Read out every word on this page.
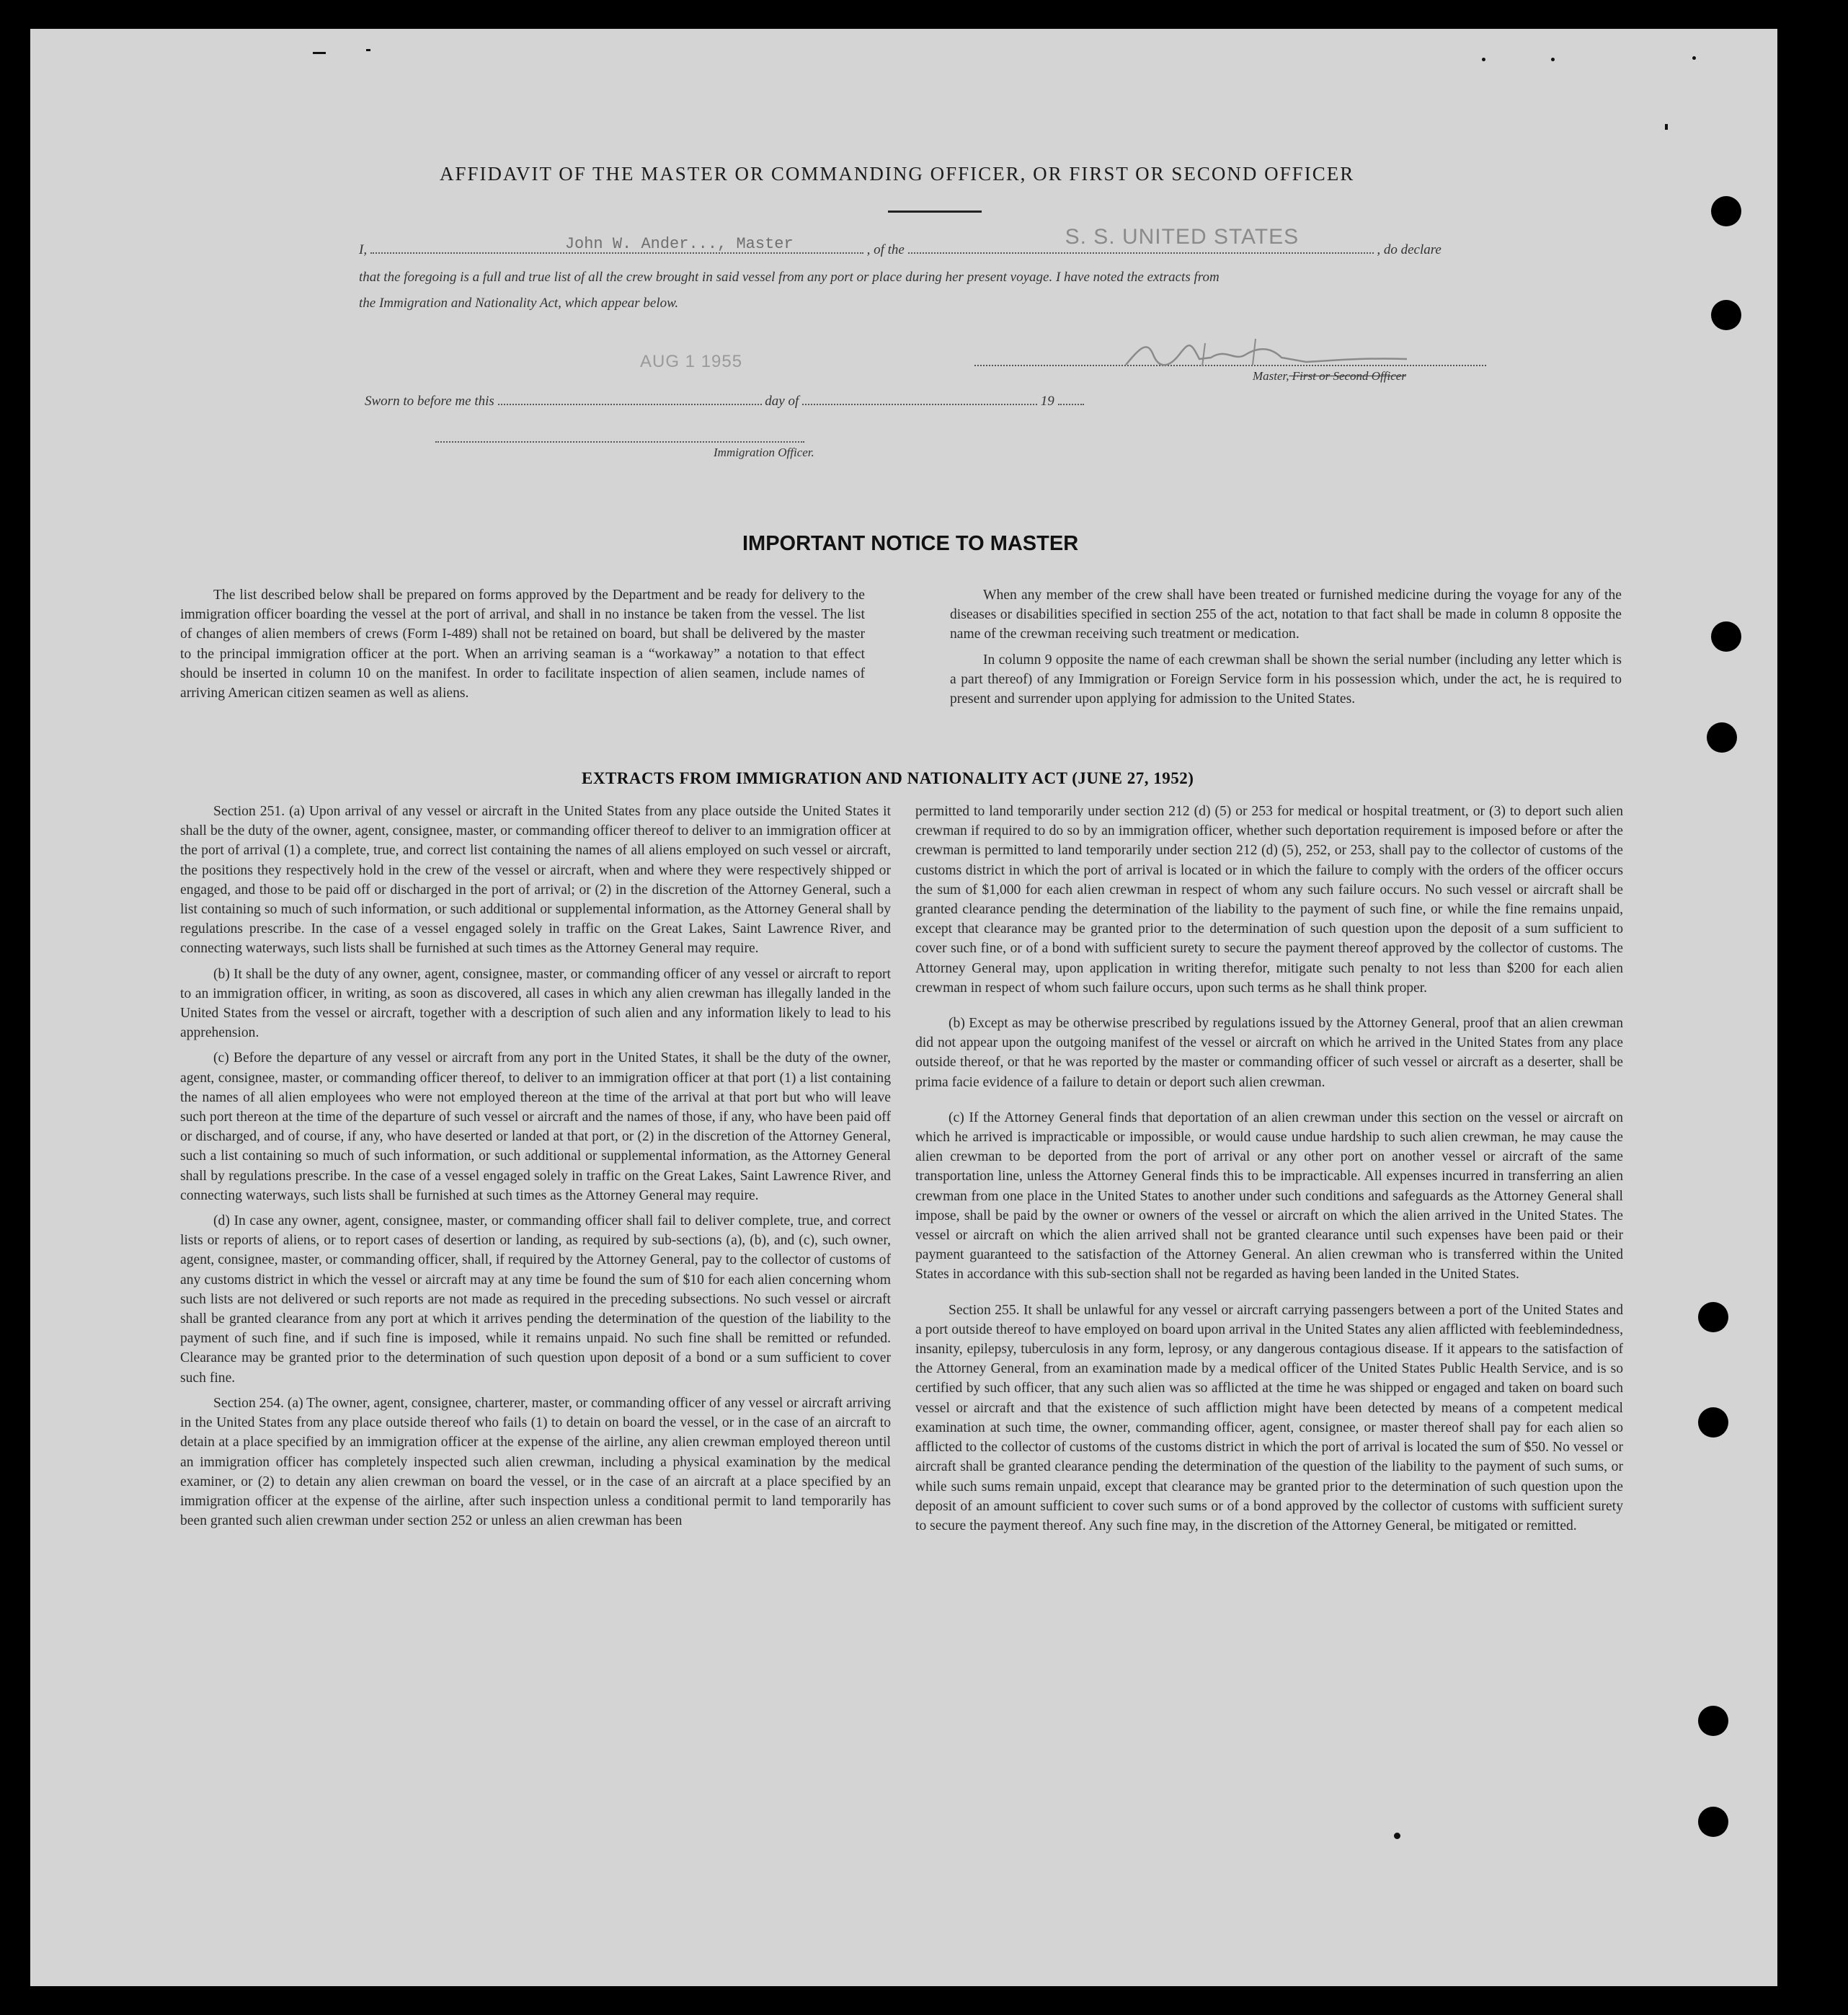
AFFIDAVIT OF THE MASTER OR COMMANDING OFFICER, OR FIRST OR SECOND OFFICER
I,	John W. Ander..., Master	, of the
S. S. UNITED STATES
, do declare
that the foregoing is a full and true list of all the crew brought in said vessel from any port or place during her present voyage. I have noted the extracts from
the Immigration and Nationality Act, which appear below.
AUG 1 1955
Master, First or Second Officer
Sworn to before me this	day of	19
Immigration Officer.
IMPORTANT NOTICE TO MASTER

The list described below shall be prepared on forms approved by the Department and be ready for delivery to the immigration officer boarding the vessel at the port of arrival, and shall in no instance be taken from the vessel. The list of changes of alien members of crews (Form I-489) shall not be retained on board, but shall be delivered by the master to the principal immigration officer at the port. When an arriving seaman is a “workaway” a notation to that effect should be inserted in column 10 on the manifest. In order to facilitate inspection of alien seamen, include names of arriving American citizen seamen as well as aliens.

When any member of the crew shall have been treated or furnished medicine during the voyage for any of the diseases or disabilities specified in section 255 of the act, notation to that fact shall be made in column 8 opposite the name of the crewman receiving such treatment or medication.

In column 9 opposite the name of each crewman shall be shown the serial number (including any letter which is a part thereof) of any Immigration or Foreign Service form in his possession which, under the act, he is required to present and surrender upon applying for admission to the United States.

EXTRACTS FROM IMMIGRATION AND NATIONALITY ACT (JUNE 27, 1952)

Section 251. (a) Upon arrival of any vessel or aircraft in the United States from any place outside the United States it shall be the duty of the owner, agent, consignee, master, or commanding officer thereof to deliver to an immigration officer at the port of arrival (1) a complete, true, and correct list containing the names of all aliens employed on such vessel or aircraft, the positions they respectively hold in the crew of the vessel or aircraft, when and where they were respectively shipped or engaged, and those to be paid off or discharged in the port of arrival; or (2) in the discretion of the Attorney General, such a list containing so much of such information, or such additional or supplemental information, as the Attorney General shall by regulations prescribe. In the case of a vessel engaged solely in traffic on the Great Lakes, Saint Lawrence River, and connecting waterways, such lists shall be furnished at such times as the Attorney General may require.

(b) It shall be the duty of any owner, agent, consignee, master, or commanding officer of any vessel or aircraft to report to an immigration officer, in writing, as soon as discovered, all cases in which any alien crewman has illegally landed in the United States from the vessel or aircraft, together with a description of such alien and any information likely to lead to his apprehension.

(c) Before the departure of any vessel or aircraft from any port in the United States, it shall be the duty of the owner, agent, consignee, master, or commanding officer thereof, to deliver to an immigration officer at that port (1) a list containing the names of all alien employees who were not employed thereon at the time of the arrival at that port but who will leave such port thereon at the time of the departure of such vessel or aircraft and the names of those, if any, who have been paid off or discharged, and of course, if any, who have deserted or landed at that port, or (2) in the discretion of the Attorney General, such a list containing so much of such information, or such additional or supplemental information, as the Attorney General shall by regulations prescribe. In the case of a vessel engaged solely in traffic on the Great Lakes, Saint Lawrence River, and connecting waterways, such lists shall be furnished at such times as the Attorney General may require.

(d) In case any owner, agent, consignee, master, or commanding officer shall fail to deliver complete, true, and correct lists or reports of aliens, or to report cases of desertion or landing, as required by sub-sections (a), (b), and (c), such owner, agent, consignee, master, or commanding officer, shall, if required by the Attorney General, pay to the collector of customs of any customs district in which the vessel or aircraft may at any time be found the sum of $10 for each alien concerning whom such lists are not delivered or such reports are not made as required in the preceding subsections. No such vessel or aircraft shall be granted clearance from any port at which it arrives pending the determination of the question of the liability to the payment of such fine, and if such fine is imposed, while it remains unpaid. No such fine shall be remitted or refunded. Clearance may be granted prior to the determination of such question upon deposit of a bond or a sum sufficient to cover such fine.

Section 254. (a) The owner, agent, consignee, charterer, master, or commanding officer of any vessel or aircraft arriving in the United States from any place outside thereof who fails (1) to detain on board the vessel, or in the case of an aircraft to detain at a place specified by an immigration officer at the expense of the airline, any alien crewman employed thereon until an immigration officer has completely inspected such alien crewman, including a physical examination by the medical examiner, or (2) to detain any alien crewman on board the vessel, or in the case of an aircraft at a place specified by an immigration officer at the expense of the airline, after such inspection unless a conditional permit to land temporarily has been granted such alien crewman under section 252 or unless an alien crewman has been

permitted to land temporarily under section 212 (d) (5) or 253 for medical or hospital treatment, or (3) to deport such alien crewman if required to do so by an immigration officer, whether such deportation requirement is imposed before or after the crewman is permitted to land temporarily under section 212 (d) (5), 252, or 253, shall pay to the collector of customs of the customs district in which the port of arrival is located or in which the failure to comply with the orders of the officer occurs the sum of $1,000 for each alien crewman in respect of whom any such failure occurs. No such vessel or aircraft shall be granted clearance pending the determination of the liability to the payment of such fine, or while the fine remains unpaid, except that clearance may be granted prior to the determination of such question upon the deposit of a sum sufficient to cover such fine, or of a bond with sufficient surety to secure the payment thereof approved by the collector of customs. The Attorney General may, upon application in writing therefor, mitigate such penalty to not less than $200 for each alien crewman in respect of whom such failure occurs, upon such terms as he shall think proper.

(b) Except as may be otherwise prescribed by regulations issued by the Attorney General, proof that an alien crewman did not appear upon the outgoing manifest of the vessel or aircraft on which he arrived in the United States from any place outside thereof, or that he was reported by the master or commanding officer of such vessel or aircraft as a deserter, shall be prima facie evidence of a failure to detain or deport such alien crewman.

(c) If the Attorney General finds that deportation of an alien crewman under this section on the vessel or aircraft on which he arrived is impracticable or impossible, or would cause undue hardship to such alien crewman, he may cause the alien crewman to be deported from the port of arrival or any other port on another vessel or aircraft of the same transportation line, unless the Attorney General finds this to be impracticable. All expenses incurred in transferring an alien crewman from one place in the United States to another under such conditions and safeguards as the Attorney General shall impose, shall be paid by the owner or owners of the vessel or aircraft on which the alien arrived in the United States. The vessel or aircraft on which the alien arrived shall not be granted clearance until such expenses have been paid or their payment guaranteed to the satisfaction of the Attorney General. An alien crewman who is transferred within the United States in accordance with this sub-section shall not be regarded as having been landed in the United States.

Section 255. It shall be unlawful for any vessel or aircraft carrying passengers between a port of the United States and a port outside thereof to have employed on board upon arrival in the United States any alien afflicted with feeblemindedness, insanity, epilepsy, tuberculosis in any form, leprosy, or any dangerous contagious disease. If it appears to the satisfaction of the Attorney General, from an examination made by a medical officer of the United States Public Health Service, and is so certified by such officer, that any such alien was so afflicted at the time he was shipped or engaged and taken on board such vessel or aircraft and that the existence of such affliction might have been detected by means of a competent medical examination at such time, the owner, commanding officer, agent, consignee, or master thereof shall pay for each alien so afflicted to the collector of customs of the customs district in which the port of arrival is located the sum of $50. No vessel or aircraft shall be granted clearance pending the determination of the question of the liability to the payment of such sums, or while such sums remain unpaid, except that clearance may be granted prior to the determination of such question upon the deposit of an amount sufficient to cover such sums or of a bond approved by the collector of customs with sufficient surety to secure the payment thereof. Any such fine may, in the discretion of the Attorney General, be mitigated or remitted.
